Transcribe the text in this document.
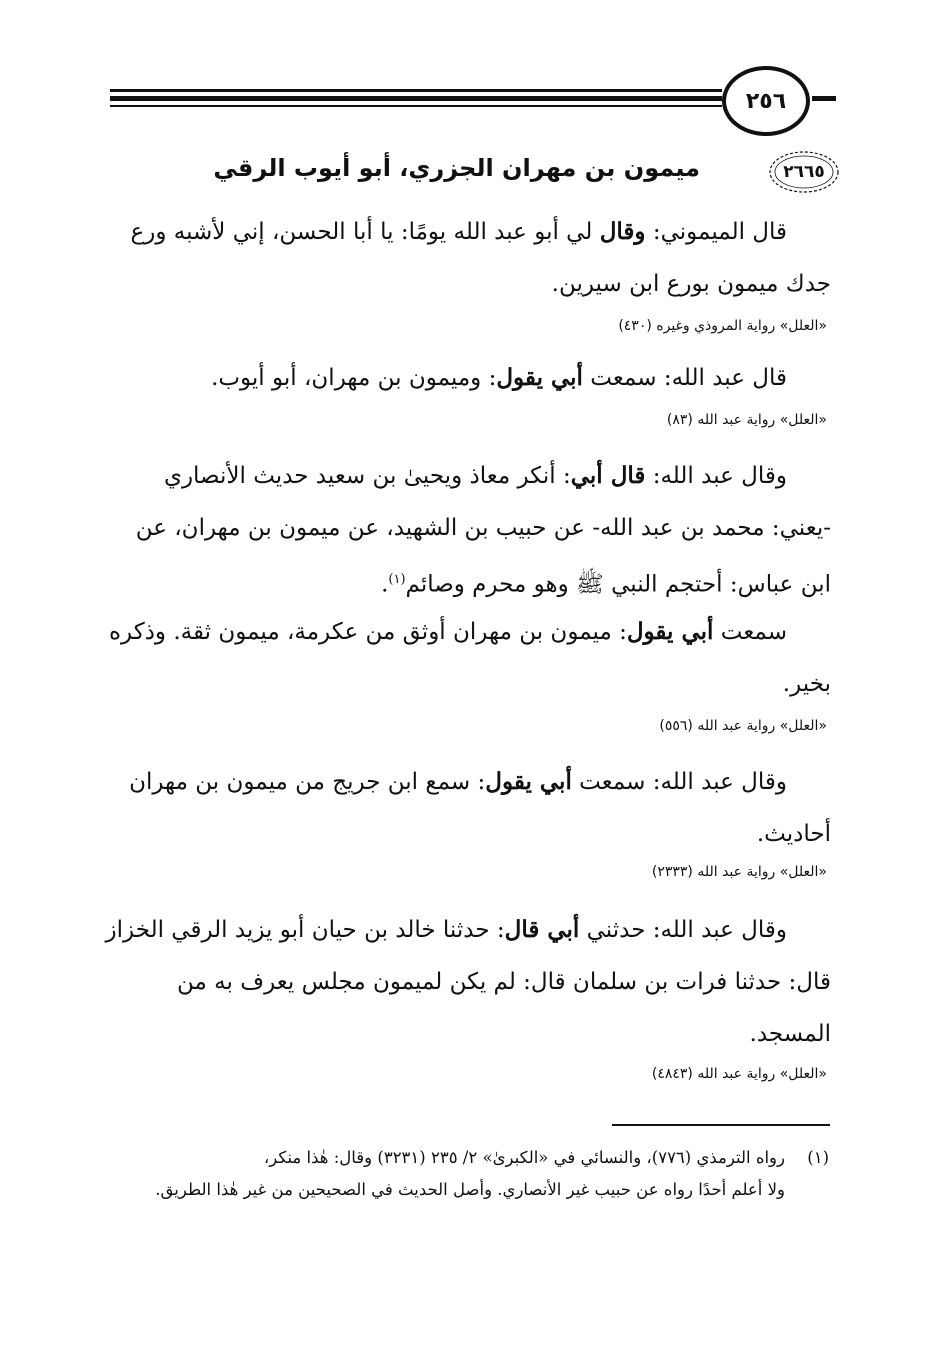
٢٥٦
٢٦٦٥
ميمون بن مهران الجزري، أبو أيوب الرقي
قال الميموني: وقال لي أبو عبد الله يومًا: يا أبا الحسن، إني لأشبه ورع جدك ميمون بورع ابن سيرين.
«العلل» رواية المروذي وغيره (٤٣٠)
قال عبد الله: سمعت أبي يقول: وميمون بن مهران، أبو أيوب.
«العلل» رواية عبد الله (٨٣)
وقال عبد الله: قال أبي: أنكر معاذ ويحيىٰ بن سعيد حديث الأنصاري -يعني: محمد بن عبد الله- عن حبيب بن الشهيد، عن ميمون بن مهران، عن ابن عباس: أحتجم النبي ﷺ وهو محرم وصائم$^{(١)}$.
سمعت أبي يقول: ميمون بن مهران أوثق من عكرمة، ميمون ثقة. وذكره بخير.
«العلل» رواية عبد الله (٥٥٦)
وقال عبد الله: سمعت أبي يقول: سمع ابن جريج من ميمون بن مهران أحاديث.
«العلل» رواية عبد الله (٢٣٣٣)
وقال عبد الله: حدثني أبي قال: حدثنا خالد بن حيان أبو يزيد الرقي الخزاز قال: حدثنا فرات بن سلمان قال: لم يكن لميمون مجلس يعرف به من المسجد.
«العلل» رواية عبد الله (٤٨٤٣)
(١)رواه الترمذي (٧٧٦)، والنسائي في «الكبرىٰ» ٢/ ٢٣٥ (٣٢٣١) وقال: هٰذا منكر،
ولا أعلم أحدًا رواه عن حبيب غير الأنصاري. وأصل الحديث في الصحيحين من غير هٰذا الطريق.
